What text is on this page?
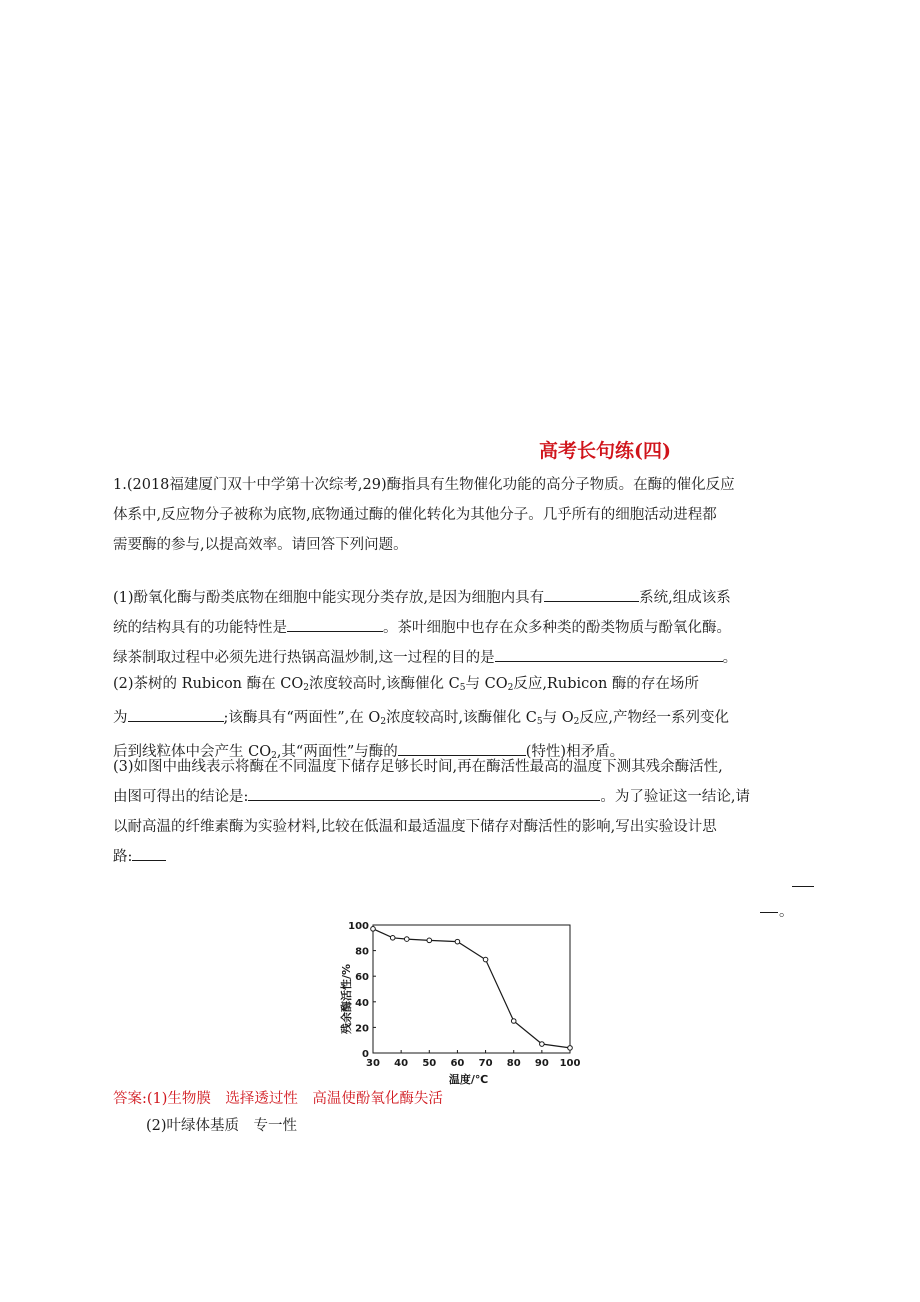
高考长句练(四)
1.(2018福建厦门双十中学第十次综考,29)酶指具有生物催化功能的高分子物质。在酶的催化反应
体系中,反应物分子被称为底物,底物通过酶的催化转化为其他分子。几乎所有的细胞活动进程都
需要酶的参与,以提高效率。请回答下列问题。
(1)酚氧化酶与酚类底物在细胞中能实现分类存放,是因为细胞内具有	系统,组成该系
统的结构具有的功能特性是	。茶叶细胞中也存在众多种类的酚类物质与酚氧化酶。
绿茶制取过程中必须先进行热锅高温炒制,这一过程的目的是	。
(2)茶树的 Rubicon 酶在 $CO_2$浓度较高时,该酶催化 $C_5$与 $CO_2$反应,Rubicon 酶的存在场所
为	;该酶具有“两面性”,在 $O_2$浓度较高时,该酶催化 $C_5$与 $O_2$反应,产物经一系列变化
后到线粒体中会产生 $CO_2$,其“两面性”与酶的	(特性)相矛盾。
(3)如图中曲线表示将酶在不同温度下储存足够长时间,再在酶活性最高的温度下测其残余酶活性,
由图可得出的结论是:	。为了验证这一结论,请
以耐高温的纤维素酶为实验材料,比较在低温和最适温度下储存对酶活性的影响,写出实验设计思
路:
。
30 40 50 60 70 80 90 100
0
20
40
60
80
100
温度/℃
残余酶活性/%
答案:(1)生物膜　选择透过性　高温使酚氧化酶失活
(2)叶绿体基质　专一性
